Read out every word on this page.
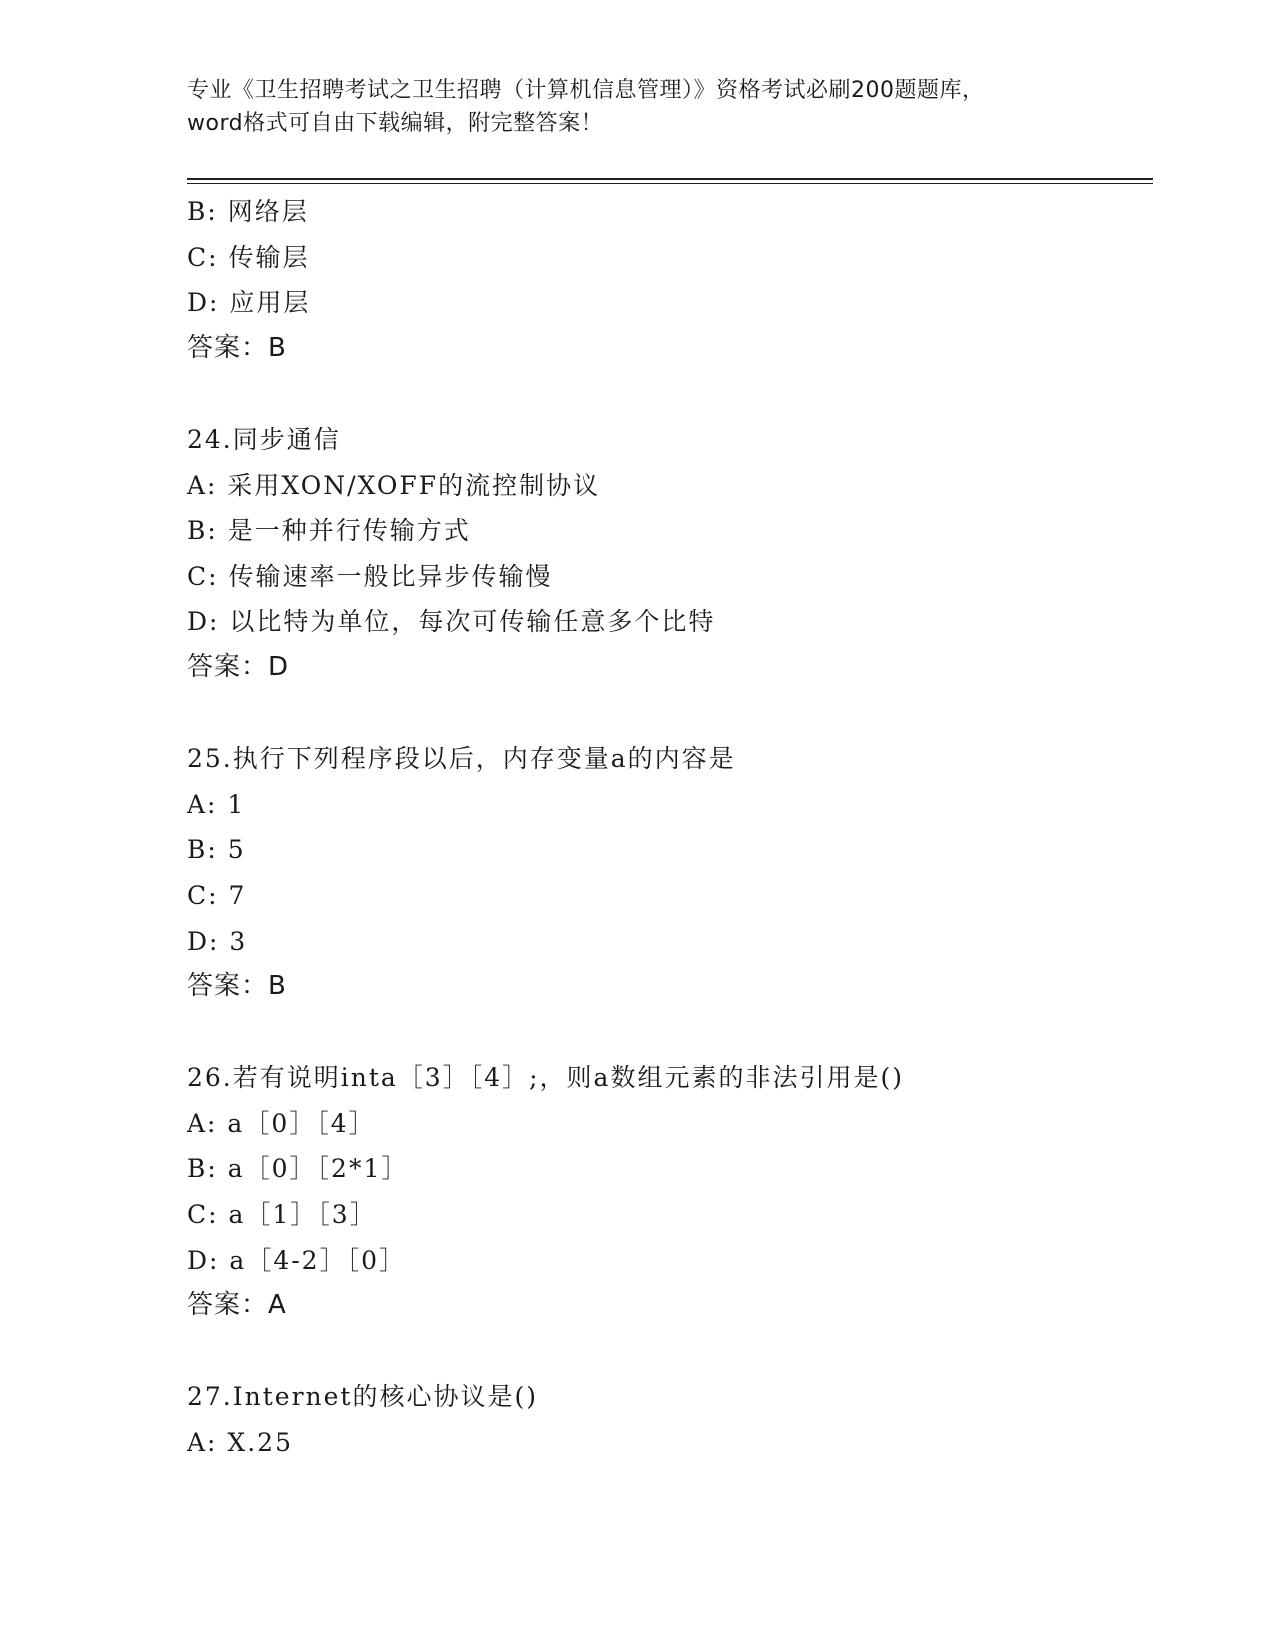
专业《卫生招聘考试之卫生招聘（计算机信息管理）》资格考试必刷200题题库，
word格式可自由下载编辑，附完整答案！
B: 网络层
C: 传输层
D: 应用层
答案：B
24.同步通信
A: 采用XON/XOFF的流控制协议
B: 是一种并行传输方式
C: 传输速率一般比异步传输慢
D: 以比特为单位，每次可传输任意多个比特
答案：D
25.执行下列程序段以后，内存变量a的内容是
A: 1
B: 5
C: 7
D: 3
答案：B
26.若有说明inta［3］［4］;，则a数组元素的非法引用是()
A: a［0］［4］
B: a［0］［2*1］
C: a［1］［3］
D: a［4-2］［0］
答案：A
27.Internet的核心协议是()
A: X.25
